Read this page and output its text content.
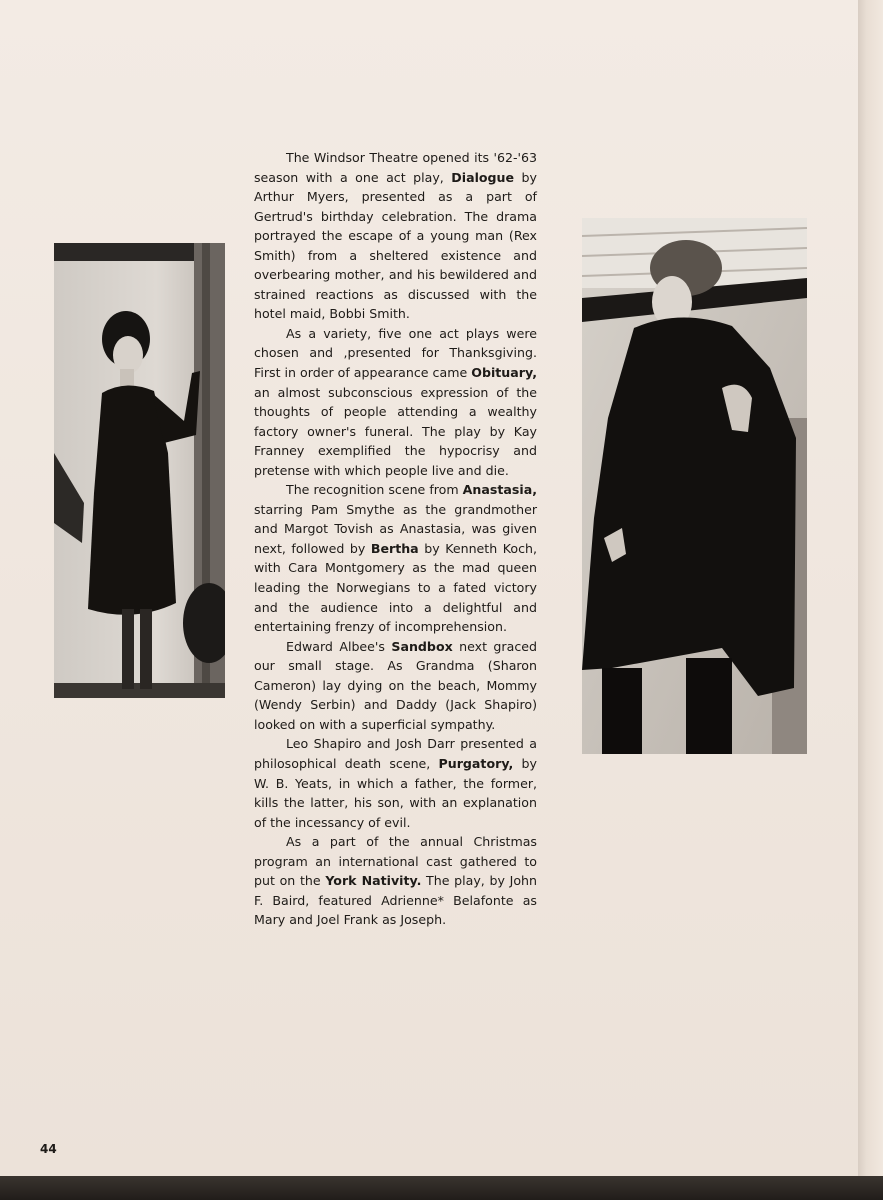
The Windsor Theatre opened its '62-'63 season with a one act play, Dialogue by Arthur Myers, presented as a part of Gertrud's birthday celebration. The drama portrayed the escape of a young man (Rex Smith) from a sheltered existence and overbearing mother, and his bewildered and strained reactions as discussed with the hotel maid, Bobbi Smith.

As a variety, five one act plays were chosen and ,presented for Thanksgiving. First in order of appearance came Obituary, an almost subconscious expression of the thoughts of people attending a wealthy factory owner's funeral. The play by Kay Franney exemplified the hypocrisy and pretense with which people live and die.

The recognition scene from Anastasia, starring Pam Smythe as the grandmother and Margot Tovish as Anastasia, was given next, followed by Bertha by Kenneth Koch, with Cara Montgomery as the mad queen leading the Norwegians to a fated victory and the audience into a delightful and entertaining frenzy of incomprehension.

Edward Albee's Sandbox next graced our small stage. As Grandma (Sharon Cameron) lay dying on the beach, Mommy (Wendy Serbin) and Daddy (Jack Shapiro) looked on with a superficial sympathy.

Leo Shapiro and Josh Darr presented a philosophical death scene, Purgatory, by W. B. Yeats, in which a father, the former, kills the latter, his son, with an explanation of the incessancy of evil.

As a part of the annual Christmas program an international cast gathered to put on the York Nativity. The play, by John F. Baird, featured Adrienne* Belafonte as Mary and Joel Frank as Joseph.

44
